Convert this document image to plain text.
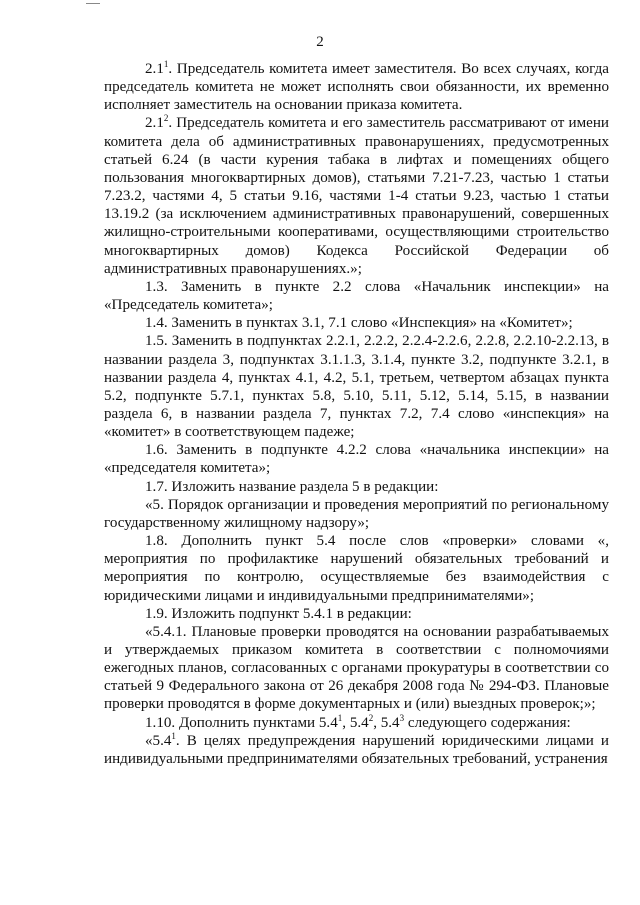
2

$2.1^1$. Председатель комитета имеет заместителя. Во всех случаях, когда председатель комитета не может исполнять свои обязанности, их временно исполняет заместитель на основании приказа комитета.

$2.1^2$. Председатель комитета и его заместитель рассматривают от имени комитета дела об административных правонарушениях, предусмотренных статьей 6.24 (в части курения табака в лифтах и помещениях общего пользования многоквартирных домов), статьями 7.21-7.23, частью 1 статьи 7.23.2, частями 4, 5 статьи 9.16, частями 1-4 статьи 9.23, частью 1 статьи 13.19.2 (за исключением административных правонарушений, совершенных жилищно-строительными кооперативами, осуществляющими строительство многоквартирных домов) Кодекса Российской Федерации об административных правонарушениях.»;

1.3. Заменить в пункте 2.2 слова «Начальник инспекции» на «Председатель комитета»;

1.4. Заменить в пунктах 3.1, 7.1 слово «Инспекция» на «Комитет»;

1.5. Заменить в подпунктах 2.2.1, 2.2.2, 2.2.4-2.2.6, 2.2.8, 2.2.10-2.2.13, в названии раздела 3, подпунктах 3.1.1.3, 3.1.4, пункте 3.2, подпункте 3.2.1, в названии раздела 4, пунктах 4.1, 4.2, 5.1, третьем, четвертом абзацах пункта 5.2, подпункте 5.7.1, пунктах 5.8, 5.10, 5.11, 5.12, 5.14, 5.15, в названии раздела 6, в названии раздела 7, пунктах 7.2, 7.4 слово «инспекция» на «комитет» в соответствующем падеже;

1.6. Заменить в подпункте 4.2.2 слова «начальника инспекции» на «председателя комитета»;

1.7. Изложить название раздела 5 в редакции:

«5. Порядок организации и проведения мероприятий по региональному государственному жилищному надзору»;

1.8. Дополнить пункт 5.4 после слов «проверки» словами «, мероприятия по профилактике нарушений обязательных требований и мероприятия по контролю, осуществляемые без взаимодействия с юридическими лицами и индивидуальными предпринимателями»;

1.9. Изложить подпункт 5.4.1 в редакции:

«5.4.1. Плановые проверки проводятся на основании разрабатываемых и утверждаемых приказом комитета в соответствии с полномочиями ежегодных планов, согласованных с органами прокуратуры в соответствии со статьей 9 Федерального закона от 26 декабря 2008 года № 294-ФЗ. Плановые проверки проводятся в форме документарных и (или) выездных проверок;»;

1.10. Дополнить пунктами $5.4^1$, $5.4^2$, $5.4^3$ следующего содержания:

«$5.4^1$. В целях предупреждения нарушений юридическими лицами и индивидуальными предпринимателями обязательных требований, устранения
